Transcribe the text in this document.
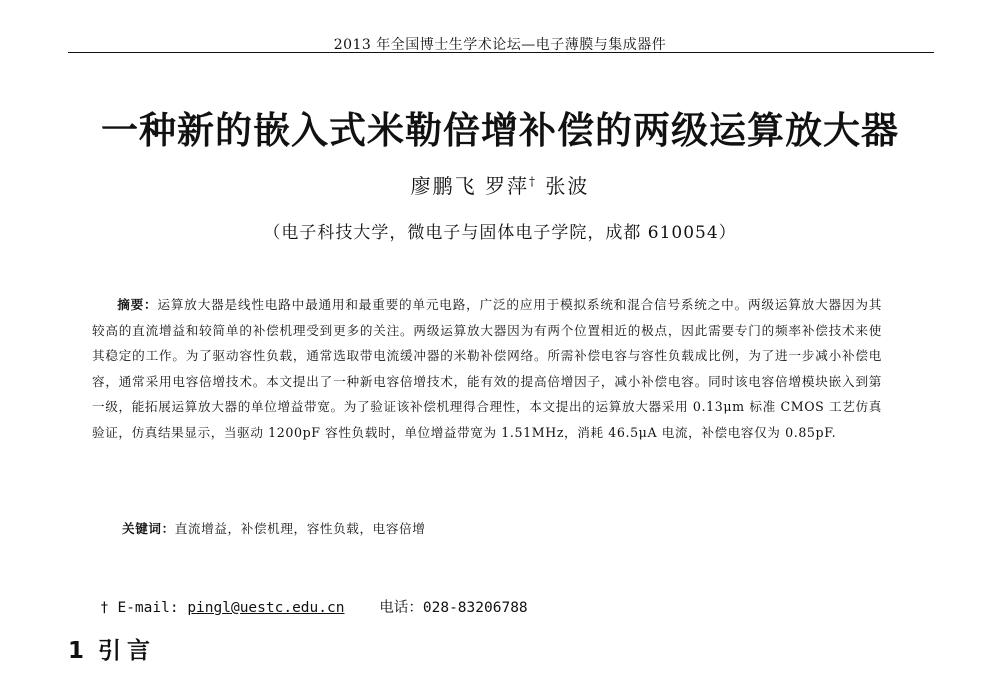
2013 年全国博士生学术论坛—电子薄膜与集成器件
一种新的嵌入式米勒倍增补偿的两级运算放大器
廖鹏飞 罗萍† 张波
（电子科技大学，微电子与固体电子学院，成都 610054）
摘要：运算放大器是线性电路中最通用和最重要的单元电路，广泛的应用于模拟系统和混合信号系统之中。两级运算放大器因为其较高的直流增益和较简单的补偿机理受到更多的关注。两级运算放大器因为有两个位置相近的极点，因此需要专门的频率补偿技术来使其稳定的工作。为了驱动容性负载，通常选取带电流缓冲器的米勒补偿网络。所需补偿电容与容性负载成比例，为了进一步减小补偿电容，通常采用电容倍增技术。本文提出了一种新电容倍增技术，能有效的提高倍增因子，减小补偿电容。同时该电容倍增模块嵌入到第一级，能拓展运算放大器的单位增益带宽。为了验证该补偿机理得合理性，本文提出的运算放大器采用 0.13μm 标准 CMOS 工艺仿真验证，仿真结果显示，当驱动 1200pF 容性负载时，单位增益带宽为 1.51MHz，消耗 46.5μA 电流，补偿电容仅为 0.85pF.
关键词：直流增益，补偿机理，容性负载，电容倍增
† E-mail: pingl@uestc.edu.cn 电话：028-83206788
1 引言
